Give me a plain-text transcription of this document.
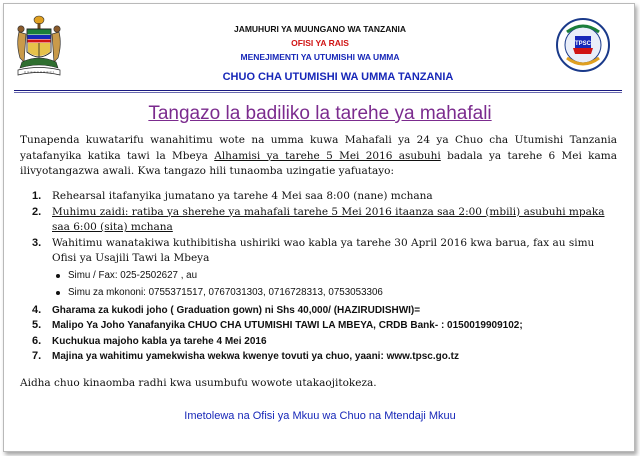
TPSC
JAMUHURI YA MUUNGANO WA TANZANIA
OFISI YA RAIS
MENEJIMENTI YA UTUMISHI WA UMMA
CHUO CHA UTUMISHI WA UMMA TANZANIA
Tangazo la badiliko la tarehe ya mahafali
Tunapenda kuwatarifu wanahitimu wote na umma kuwa Mahafali ya 24 ya Chuo cha Utumishi Tanzania yatafanyika katika tawi la Mbeya Alhamisi ya tarehe 5 Mei 2016 asubuhi badala ya tarehe 6 Mei kama ilivyotangazwa awali. Kwa tangazo hili tunaomba uzingatie yafuatayo:
1. Rehearsal itafanyika jumatano ya tarehe 4 Mei saa 8:00 (nane) mchana
2. Muhimu zaidi: ratiba ya sherehe ya mahafali tarehe 5 Mei 2016 itaanza saa 2:00 (mbili) asubuhi mpaka saa 6:00 (sita) mchana
3. Wahitimu wanatakiwa kuthibitisha ushiriki wao kabla ya tarehe 30 April 2016 kwa barua, fax au simu Ofisi ya Usajili Tawi la Mbeya
Simu / Fax: 025-2502627 , au
Simu za mkononi: 0755371517, 0767031303, 0716728313, 0753053306
4. Gharama za kukodi joho ( Graduation gown) ni Shs 40,000/ (HAZIRUDISHWI)=
5. Malipo Ya Joho Yanafanyika CHUO CHA UTUMISHI TAWI LA MBEYA, CRDB Bank- : 0150019909102;
6. Kuchukua majoho kabla ya tarehe 4 Mei 2016
7. Majina ya wahitimu yamekwisha wekwa kwenye tovuti ya chuo, yaani: www.tpsc.go.tz
Aidha chuo kinaomba radhi kwa usumbufu wowote utakaojitokeza.
Imetolewa na Ofisi ya Mkuu wa Chuo na Mtendaji Mkuu
